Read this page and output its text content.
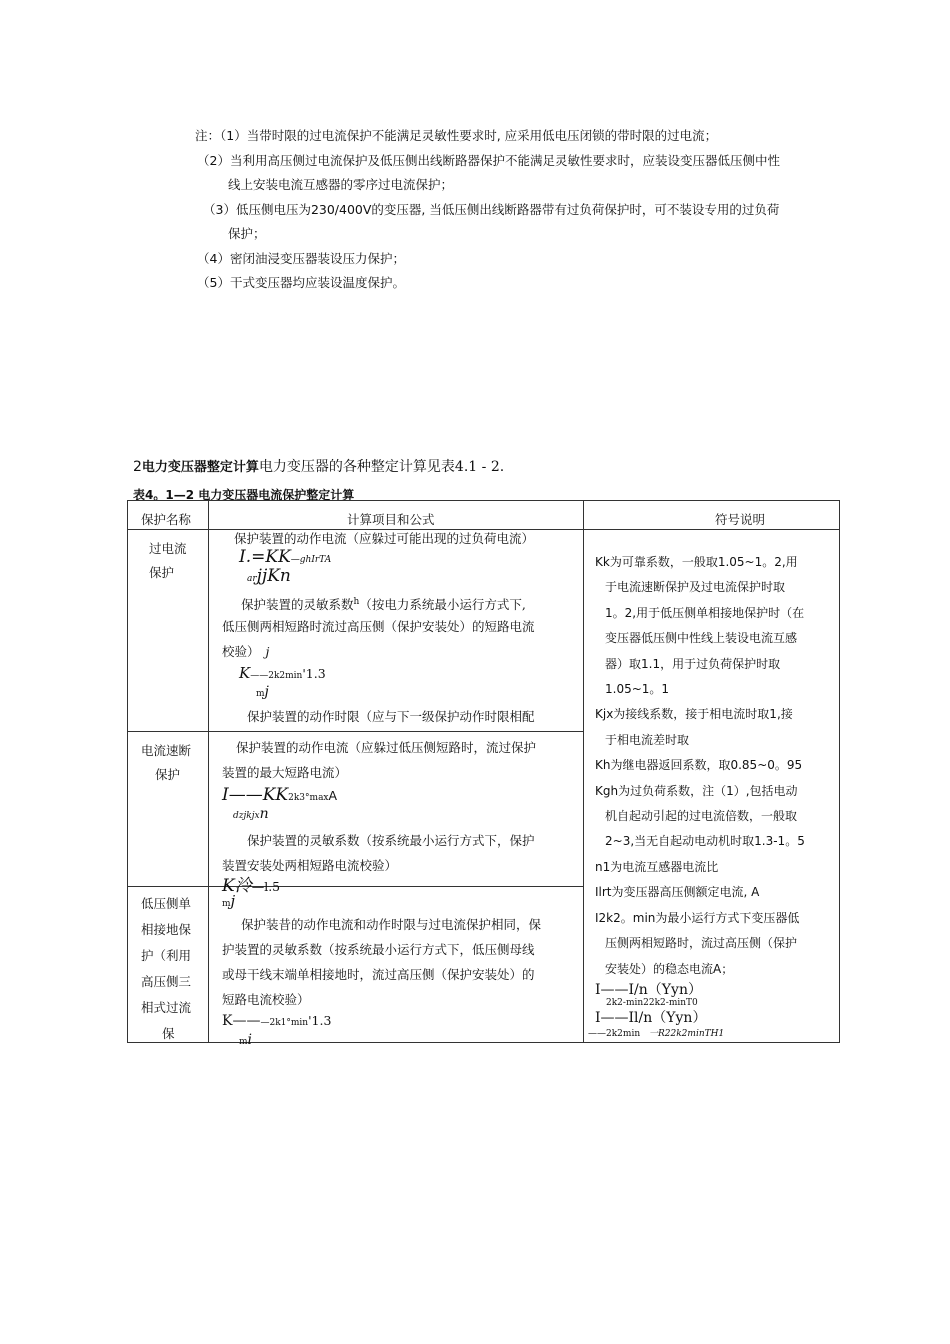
注：（1）当带时限的过电流保护不能满足灵敏性要求时, 应采用低电压闭锁的带时限的过电流；
（2）当利用高压侧过电流保护及低压侧出线断路器保护不能满足灵敏性要求时，应装设变压器低压侧中性
线上安装电流互感器的零序过电流保护；
（3）低压侧电压为230/400V的变压器, 当低压侧出线断路器带有过负荷保护时，可不装设专用的过负荷
保护；
（4）密闭油浸变压器装设压力保护；
（5）干式变压器均应装设温度保护。
2电力变压器整定计算电力变压器的各种整定计算见表4.1 - 2.
表4。1—2 电力变压器电流保护整定计算
保护名称	计算项目和公式	符号说明
过电流
保护
保护装置的动作电流（应躲过可能出现的过负荷电流）
I.=KK—ghIrTA
arjjKn
保护装置的灵敏系数$^h$（按电力系统最小运行方式下,
低压侧两相短路时流过高压侧（保护安装处）的短路电流
校验） j
K——2k2min'1.3
mj
保护装置的动作时限（应与下一级保护动作时限相配
电流速断
保护
保护装置的动作电流（应躲过低压侧短路时，流过保护
装置的最大短路电流）
I——KK2k3°maxA
dzjkjxn
保护装置的灵敏系数（按系统最小运行方式下，保护
装置安装处两相短路电流校验）
K泠—l.5
低压侧单
相接地保
护（利用
高压侧三
相式过流
保
mj
保护装昔的动作电流和动作时限与过电流保护相同，保
护装置的灵敏系数（按系统最小运行方式下，低压侧母线
或母干线末端单相接地时，流过高压侧（保护安装处）的
短路电流校验）
K———2k1°min'1.3
mi
Kk为可靠系数，一般取1.05~1。2,用
于电流速断保护及过电流保护时取
1。2,用于低压侧单相接地保护时（在
变压器低压侧中性线上装设电流互感
器）取1.1，用于过负荷保护时取
1.05~1。1
Kjx为接线系数，接于相电流时取1,接
于相电流差时取
Kh为继电器返回系数，取0.85~0。95
Kgh为过负荷系数，注（1）,包括电动
机自起动引起的过电流倍数，一般取
2~3,当无自起动电动机时取1.3-1。5
n1为电流互感器电流比
Ilrt为变压器高压侧额定电流, A
I2k2。min为最小运行方式下变压器低
压侧两相短路时，流过高压侧（保护
安装处）的稳态电流A；
I——I/n（Yyn）
2k2-min22k2-minT0
I——Il/n（Yyn）
——2k2min 一R22k2minTH1
